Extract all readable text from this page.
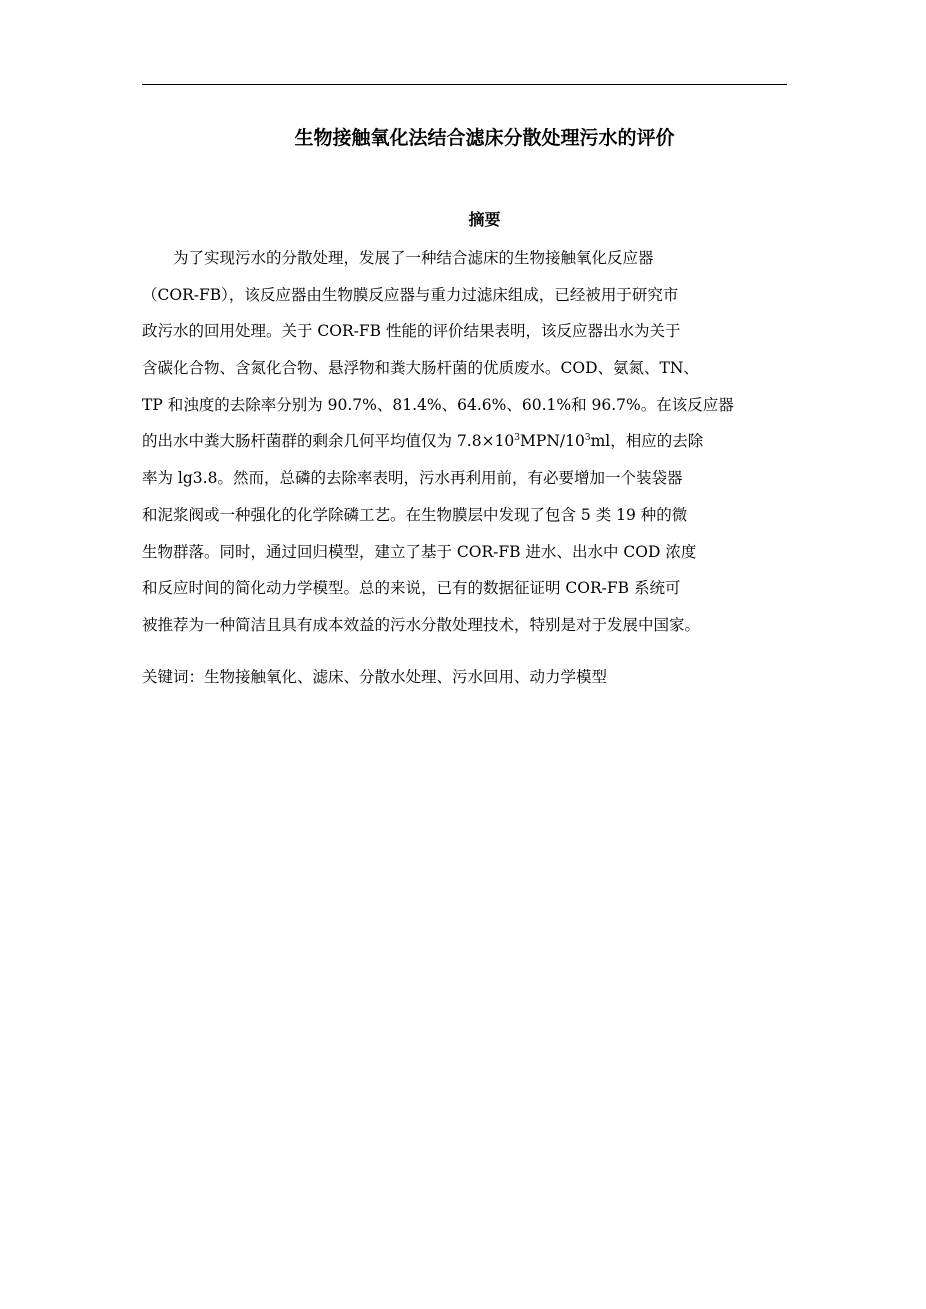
生物接触氧化法结合滤床分散处理污水的评价
摘要
　　为了实现污水的分散处理，发展了一种结合滤床的生物接触氧化反应器
（COR-FB），该反应器由生物膜反应器与重力过滤床组成，已经被用于研究市
政污水的回用处理。关于 COR-FB 性能的评价结果表明，该反应器出水为关于
含碳化合物、含氮化合物、悬浮物和粪大肠杆菌的优质废水。COD、氨氮、TN、
TP 和浊度的去除率分别为 90.7%、81.4%、64.6%、60.1%和 96.7%。在该反应器
的出水中粪大肠杆菌群的剩余几何平均值仅为 $7.8\times 10^3MPN/10^3ml$，相应的去除
率为 lg3.8。然而，总磷的去除率表明，污水再利用前，有必要增加一个装袋器
和泥浆阀或一种强化的化学除磷工艺。在生物膜层中发现了包含 5 类 19 种的微
生物群落。同时，通过回归模型，建立了基于 COR-FB 进水、出水中 COD 浓度
和反应时间的简化动力学模型。总的来说，已有的数据征证明 COR-FB 系统可
被推荐为一种简洁且具有成本效益的污水分散处理技术，特别是对于发展中国家。
关键词：生物接触氧化、滤床、分散水处理、污水回用、动力学模型
